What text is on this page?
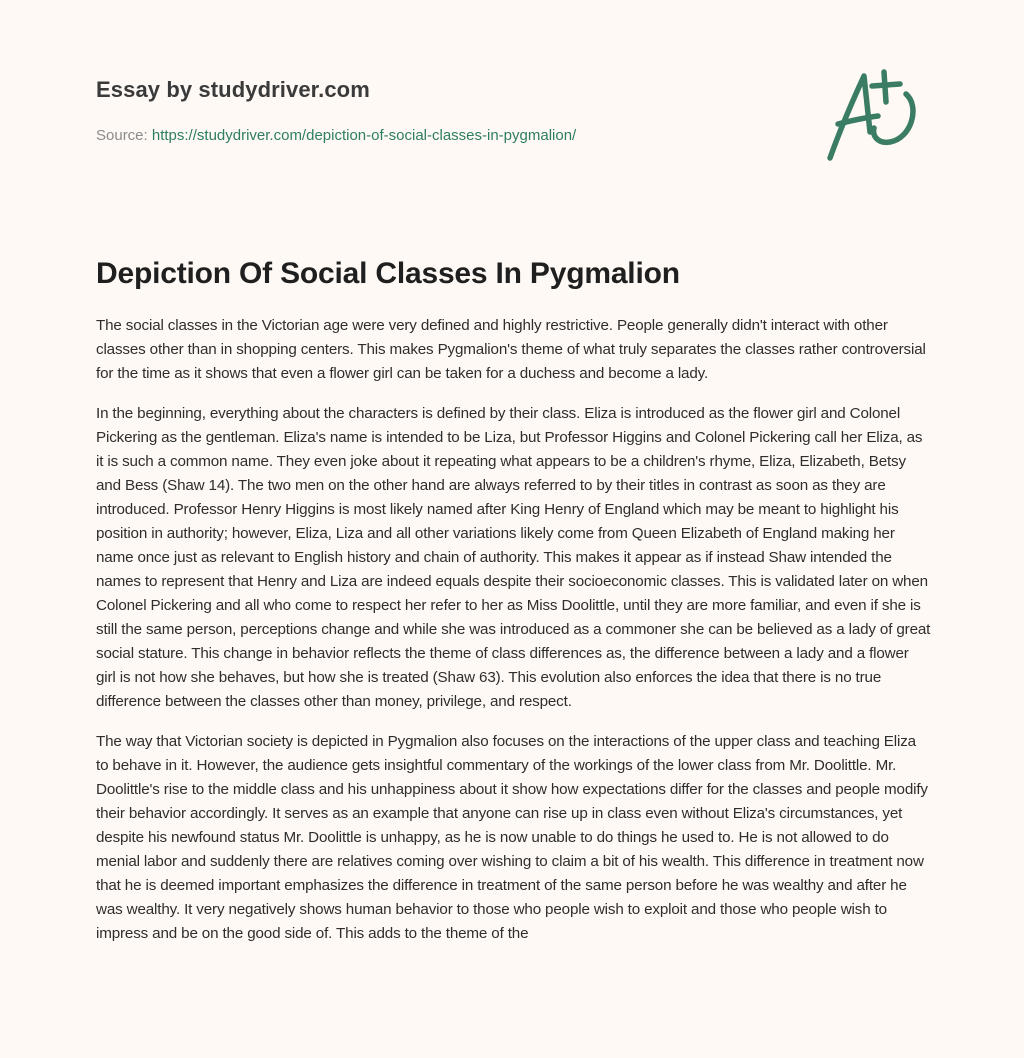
Essay by studydriver.com
Source: https://studydriver.com/depiction-of-social-classes-in-pygmalion/
Depiction Of Social Classes In Pygmalion

The social classes in the Victorian age were very defined and highly restrictive. People generally didn't interact with other classes other than in shopping centers. This makes Pygmalion's theme of what truly separates the classes rather controversial for the time as it shows that even a flower girl can be taken for a duchess and become a lady.

In the beginning, everything about the characters is defined by their class. Eliza is introduced as the flower girl and Colonel Pickering as the gentleman. Eliza's name is intended to be Liza, but Professor Higgins and Colonel Pickering call her Eliza, as it is such a common name. They even joke about it repeating what appears to be a children's rhyme, Eliza, Elizabeth, Betsy and Bess (Shaw 14). The two men on the other hand are always referred to by their titles in contrast as soon as they are introduced. Professor Henry Higgins is most likely named after King Henry of England which may be meant to highlight his position in authority; however, Eliza, Liza and all other variations likely come from Queen Elizabeth of England making her name once just as relevant to English history and chain of authority. This makes it appear as if instead Shaw intended the names to represent that Henry and Liza are indeed equals despite their socioeconomic classes. This is validated later on when Colonel Pickering and all who come to respect her refer to her as Miss Doolittle, until they are more familiar, and even if she is still the same person, perceptions change and while she was introduced as a commoner she can be believed as a lady of great social stature. This change in behavior reflects the theme of class differences as, the difference between a lady and a flower girl is not how she behaves, but how she is treated (Shaw 63). This evolution also enforces the idea that there is no true difference between the classes other than money, privilege, and respect.

The way that Victorian society is depicted in Pygmalion also focuses on the interactions of the upper class and teaching Eliza to behave in it. However, the audience gets insightful commentary of the workings of the lower class from Mr. Doolittle. Mr. Doolittle's rise to the middle class and his unhappiness about it show how expectations differ for the classes and people modify their behavior accordingly. It serves as an example that anyone can rise up in class even without Eliza's circumstances, yet despite his newfound status Mr. Doolittle is unhappy, as he is now unable to do things he used to. He is not allowed to do menial labor and suddenly there are relatives coming over wishing to claim a bit of his wealth. This difference in treatment now that he is deemed important emphasizes the difference in treatment of the same person before he was wealthy and after he was wealthy. It very negatively shows human behavior to those who people wish to exploit and those who people wish to impress and be on the good side of. This adds to the theme of the
